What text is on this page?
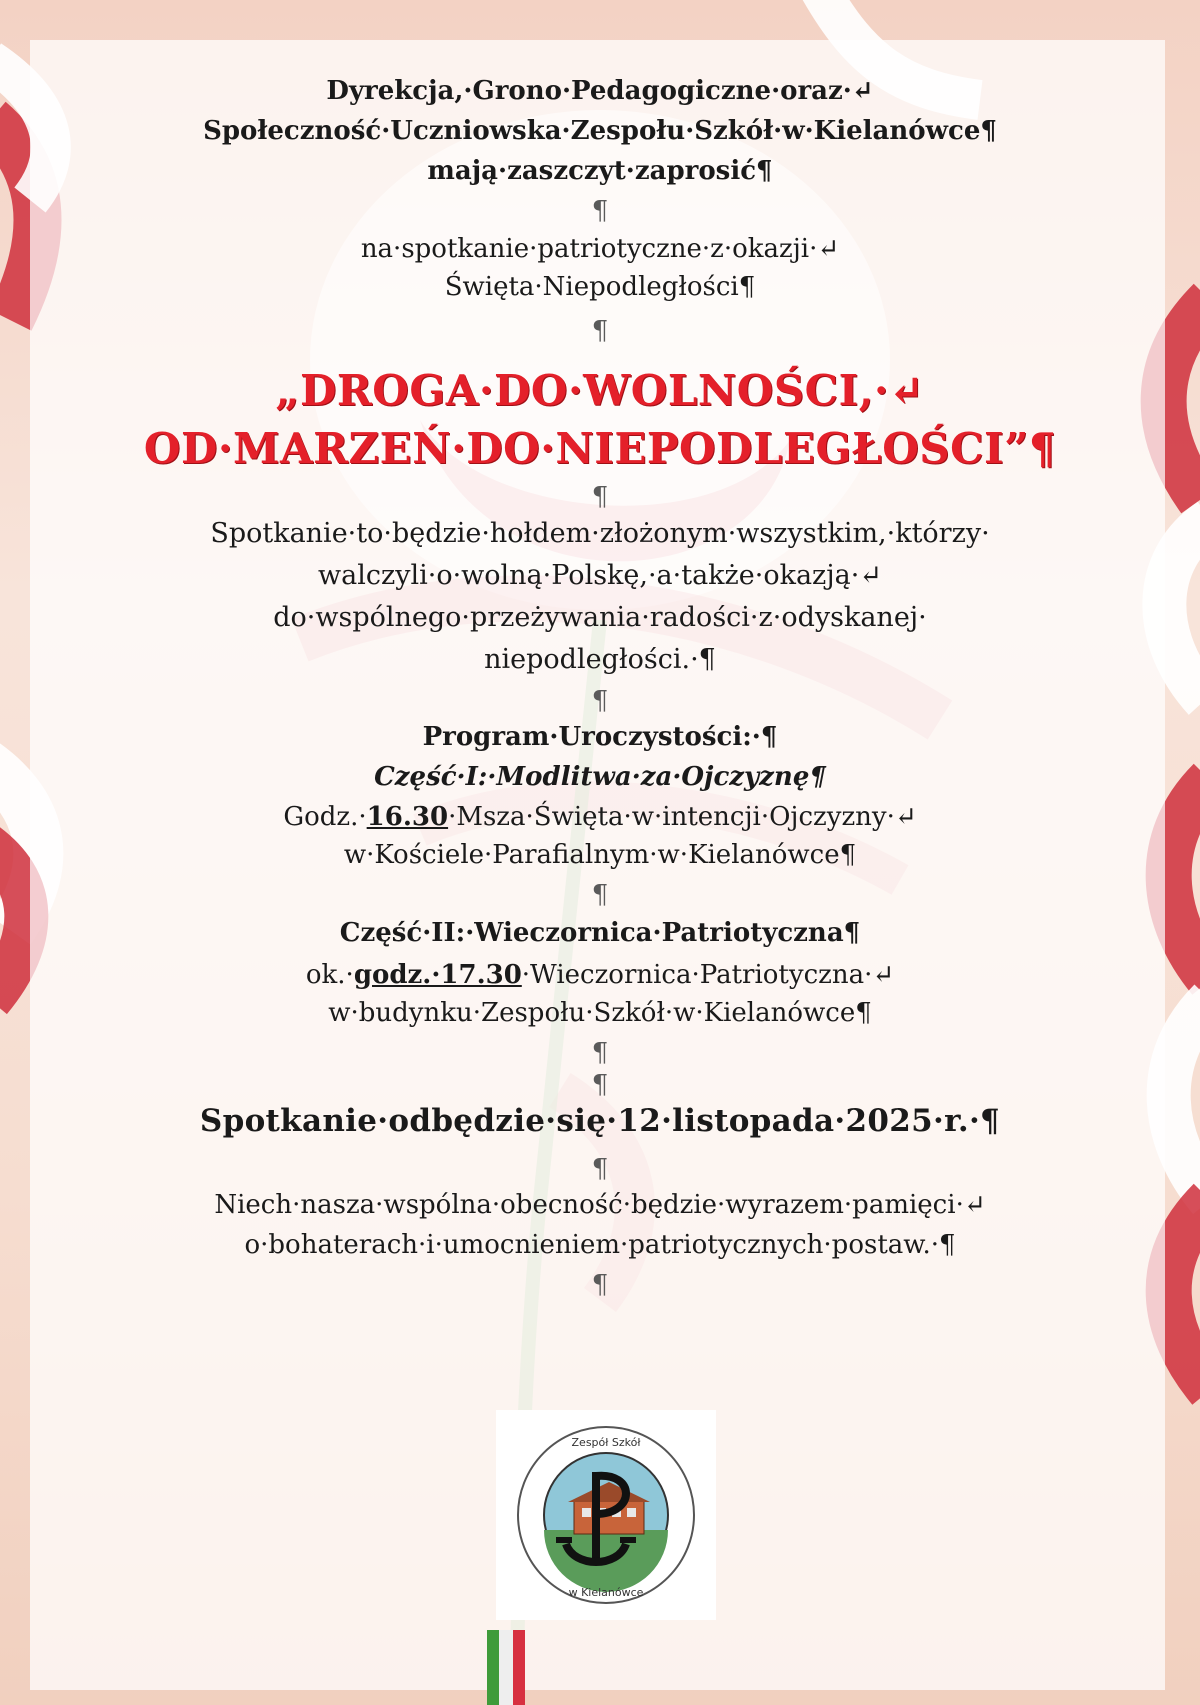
Dyrekcja,·Grono·Pedagogiczne·oraz·↵
Społeczność·Uczniowska·Zespołu·Szkół·w·Kielanówce¶
mają·zaszczyt·zaprosić¶
¶
na·spotkanie·patriotyczne·z·okazji·↵
Święta·Niepodległości¶
¶
„DROGA·DO·WOLNOŚCI,·↵
OD·MARZEŃ·DO·NIEPODLEGŁOŚCI”¶
¶
Spotkanie·to·będzie·hołdem·złożonym·wszystkim,·którzy·
walczyli·o·wolną·Polskę,·a·także·okazją·↵
do·wspólnego·przeżywania·radości·z·odyskanej·
niepodległości.·¶
¶
Program·Uroczystości:·¶
Część·I:·Modlitwa·za·Ojczyznę¶
Godz.·16.30·Msza·Święta·w·intencji·Ojczyzny·↵
w·Kościele·Parafialnym·w·Kielanówce¶
¶
Część·II:·Wieczornica·Patriotyczna¶
ok.·godz.·17.30·Wieczornica·Patriotyczna·↵
w·budynku·Zespołu·Szkół·w·Kielanówce¶
¶
¶
Spotkanie·odbędzie·się·12·listopada·2025·r.·¶
¶
Niech·nasza·wspólna·obecność·będzie·wyrazem·pamięci·↵
o·bohaterach·i·umocnieniem·patriotycznych·postaw.·¶
¶
Zespół Szkół
w Kielanówce
